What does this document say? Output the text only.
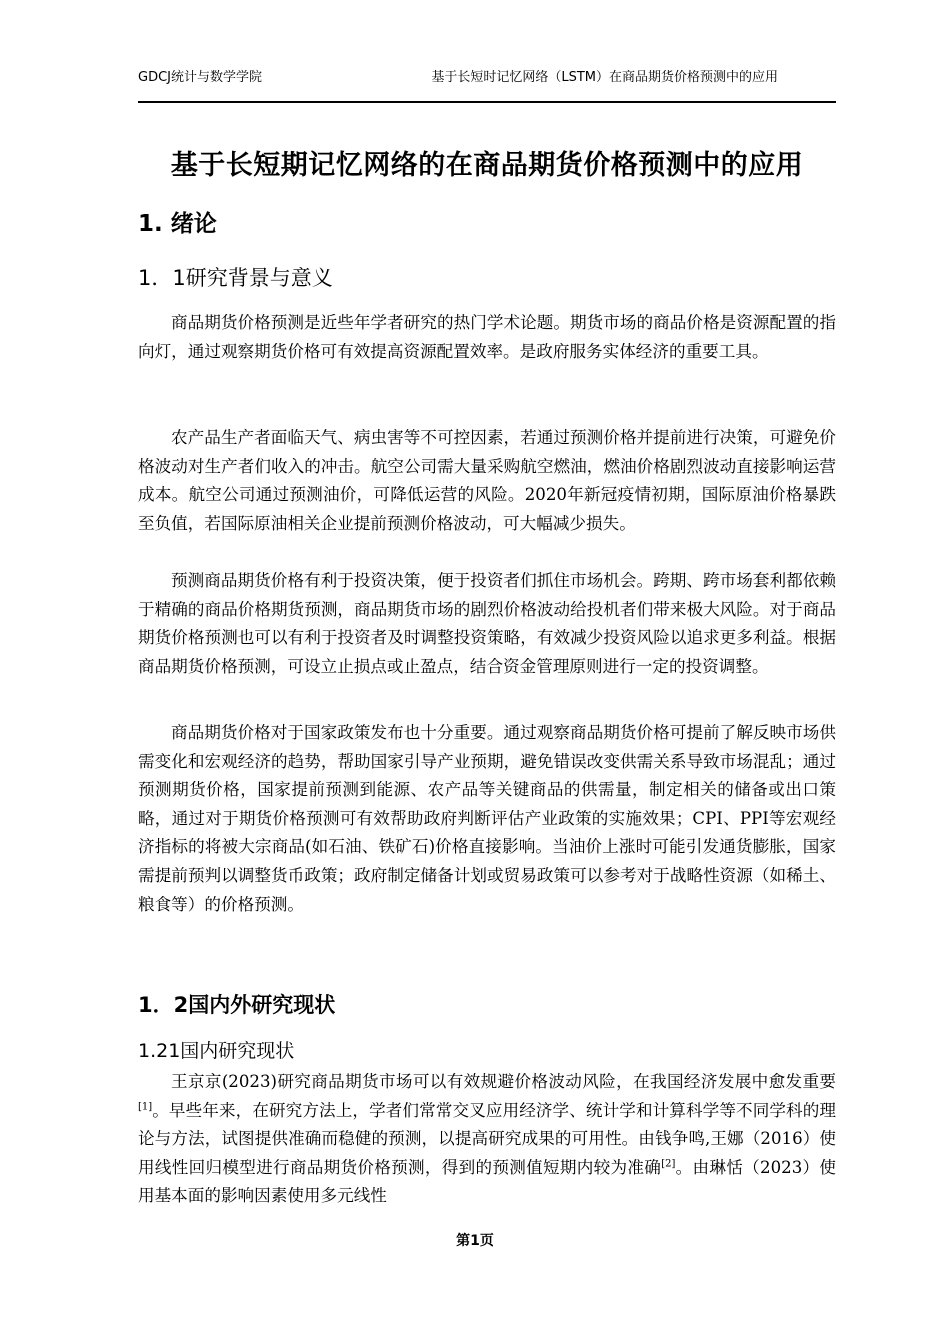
GDCJ统计与数学学院	基于长短时记忆网络（LSTM）在商品期货价格预测中的应用
基于长短期记忆网络的在商品期货价格预测中的应用
1. 绪论
1．1研究背景与意义
商品期货价格预测是近些年学者研究的热门学术论题。期货市场的商品价格是资源配置的指向灯，通过观察期货价格可有效提高资源配置效率。是政府服务实体经济的重要工具。
农产品生产者面临天气、病虫害等不可控因素，若通过预测价格并提前进行决策，可避免价格波动对生产者们收入的冲击。航空公司需大量采购航空燃油，燃油价格剧烈波动直接影响运营成本。航空公司通过预测油价，可降低运营的风险。2020年新冠疫情初期，国际原油价格暴跌至负值，若国际原油相关企业提前预测价格波动，可大幅减少损失。
预测商品期货价格有利于投资决策，便于投资者们抓住市场机会。跨期、跨市场套利都依赖于精确的商品价格期货预测，商品期货市场的剧烈价格波动给投机者们带来极大风险。对于商品期货价格预测也可以有利于投资者及时调整投资策略，有效减少投资风险以追求更多利益。根据商品期货价格预测，可设立止损点或止盈点，结合资金管理原则进行一定的投资调整。
商品期货价格对于国家政策发布也十分重要。通过观察商品期货价格可提前了解反映市场供需变化和宏观经济的趋势，帮助国家引导产业预期，避免错误改变供需关系导致市场混乱；通过预测期货价格，国家提前预测到能源、农产品等关键商品的供需量，制定相关的储备或出口策略，通过对于期货价格预测可有效帮助政府判断评估产业政策的实施效果；CPI、PPI等宏观经济指标的将被大宗商品(如石油、铁矿石)价格直接影响。当油价上涨时可能引发通货膨胀，国家需提前预判以调整货币政策；政府制定储备计划或贸易政策可以参考对于战略性资源（如稀土、粮食等）的价格预测。
1．2国内外研究现状
1.21国内研究现状
王京京(2023)研究商品期货市场可以有效规避价格波动风险，在我国经济发展中愈发重要[1]。早些年来，在研究方法上，学者们常常交叉应用经济学、统计学和计算科学等不同学科的理论与方法，试图提供准确而稳健的预测，以提高研究成果的可用性。由钱争鸣,王娜（2016）使用线性回归模型进行商品期货价格预测，得到的预测值短期内较为准确[2]。由琳恬（2023）使用基本面的影响因素使用多元线性
第1页
